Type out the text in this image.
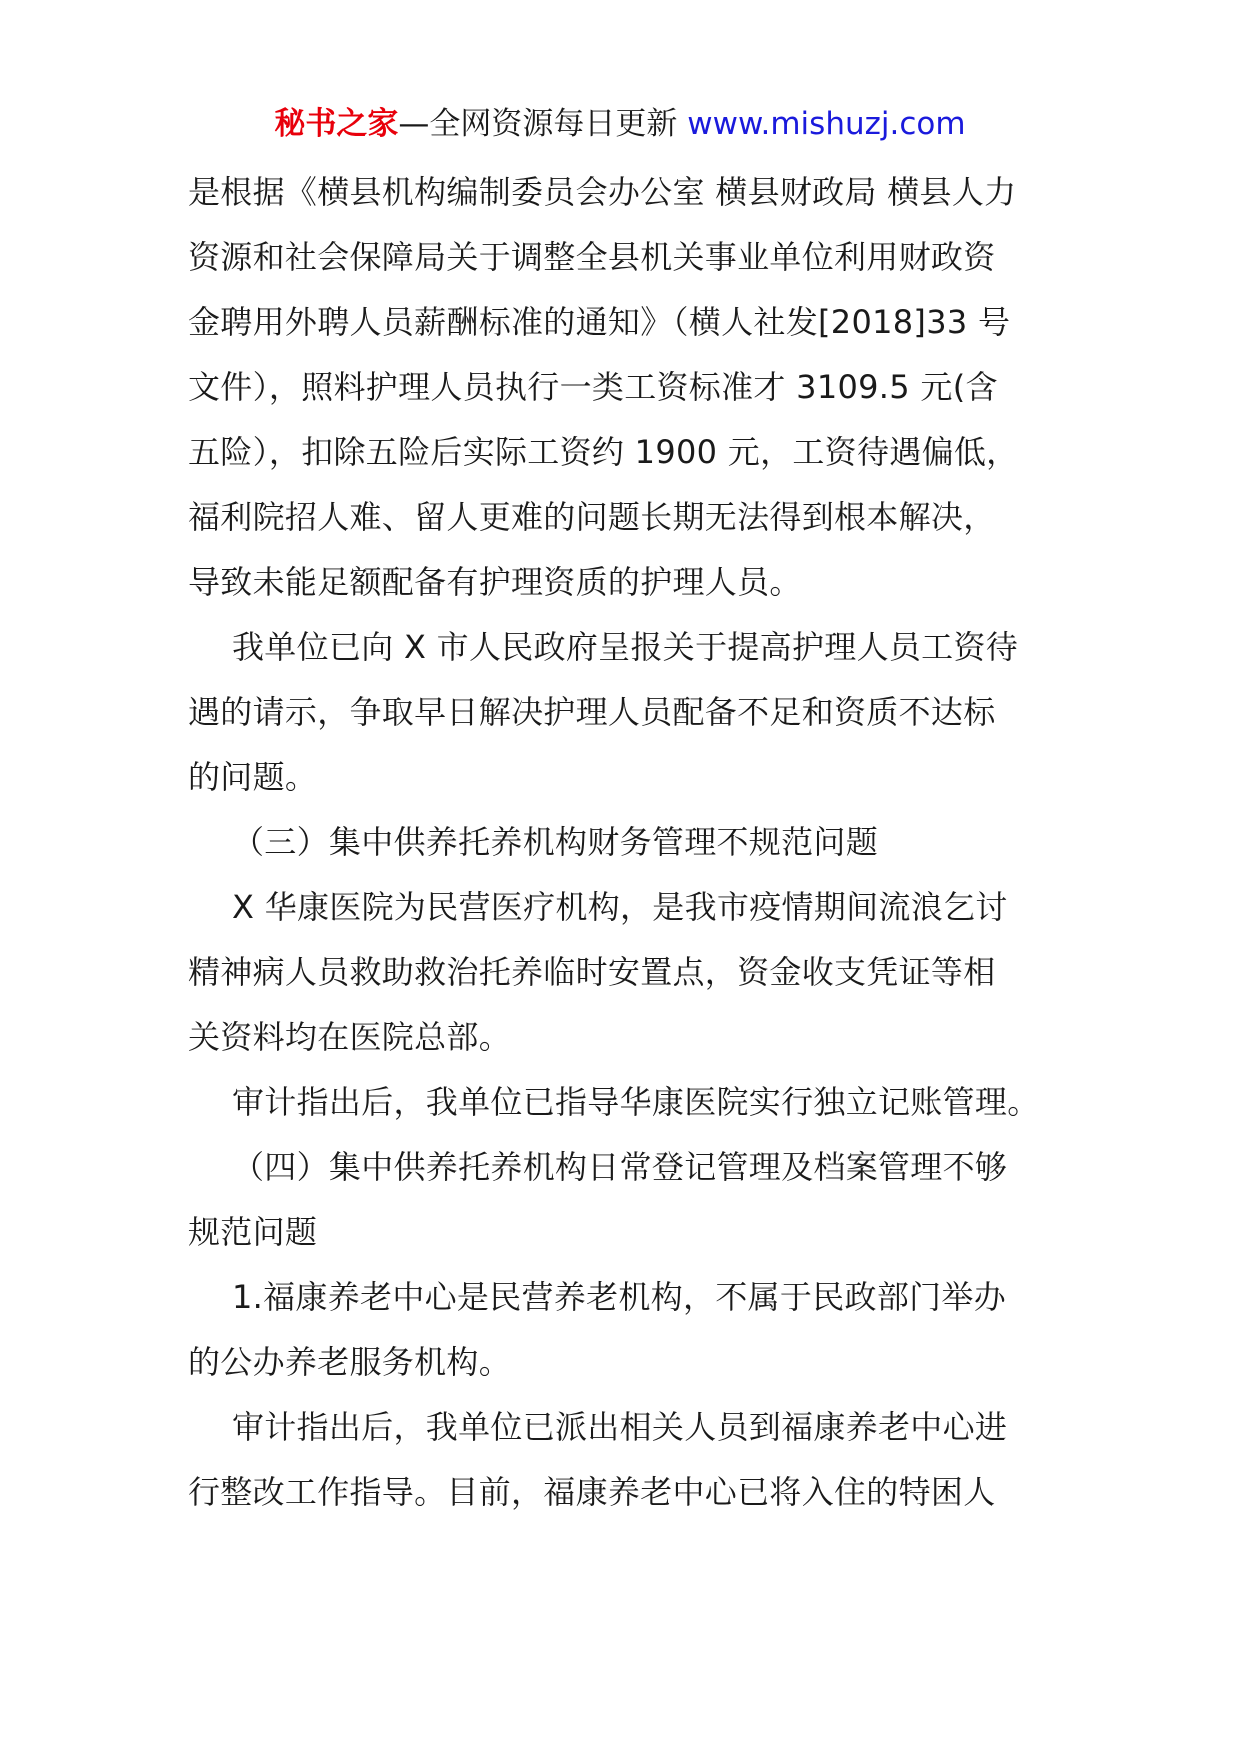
秘书之家—全网资源每日更新 www.mishuzj.com
是根据《横县机构编制委员会办公室 横县财政局 横县人力
资源和社会保障局关于调整全县机关事业单位利用财政资
金聘用外聘人员薪酬标准的通知》（横人社发[2018]33 号
文件），照料护理人员执行一类工资标准才 3109.5 元(含
五险），扣除五险后实际工资约 1900 元，工资待遇偏低，
福利院招人难、留人更难的问题长期无法得到根本解决，
导致未能足额配备有护理资质的护理人员。
我单位已向 X 市人民政府呈报关于提高护理人员工资待
遇的请示，争取早日解决护理人员配备不足和资质不达标
的问题。
（三）集中供养托养机构财务管理不规范问题
X 华康医院为民营医疗机构，是我市疫情期间流浪乞讨
精神病人员救助救治托养临时安置点，资金收支凭证等相
关资料均在医院总部。
审计指出后，我单位已指导华康医院实行独立记账管理。
（四）集中供养托养机构日常登记管理及档案管理不够
规范问题
1.福康养老中心是民营养老机构，不属于民政部门举办
的公办养老服务机构。
审计指出后，我单位已派出相关人员到福康养老中心进
行整改工作指导。目前，福康养老中心已将入住的特困人
